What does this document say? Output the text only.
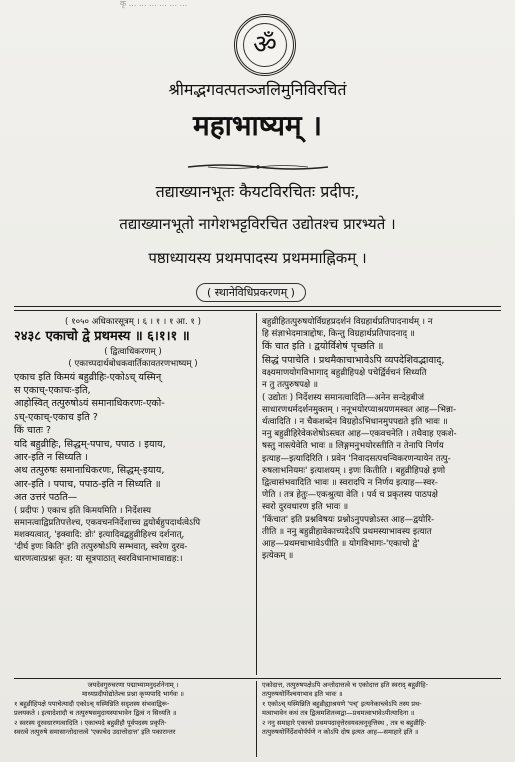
कृ ... ... ... ... ... ...
ॐ
श्रीमद्भगवत्पतञ्जलिमुनिविरचितं
महाभाष्यम् ।
तद्याख्यानभूतः कैयटविरचितः प्रदीपः,
तद्याख्यानभूतो नागेशभट्टविरचित उद्योतश्च प्रारभ्यते ।
पष्ठाध्यायस्य प्रथमपादस्य प्रथममाह्निकम् ।
( स्थानेविधिप्रकरणम् )
( १०५० अधिकारसूत्रम् । ६ । १ । १ आ. १ )
२४३८ एकाचो द्वे प्रथमस्य ॥ ६।१।१ ॥
( द्वित्वाधिकरणम् )
( एकाच्पदार्थबोधकवार्तिकावतरणभाष्यम् )
एकाच इति किमयं बहुव्रीहिः-एकोऽच् यस्मिन्
स एकाच्-एकाचः-इति,
आहोस्वित् तत्पुरुषोऽयं समानाधिकरणः-एको-
ऽच्-एकाच्-एकाच इति ?
किं चातः ?
यदि बहुव्रीहिः, सिद्धम्-पपाच, पपाठ । इयाय,
आर-इति न सिध्यति ।
अथ तत्पुरुषः समानाधिकरणः, सिद्धम्-इयाय,
आर-इति । पपाच, पपाठ-इति न सिध्यति ॥
अत उत्तरं पठति—
( प्रदीपः ) एकाच इति किमयमिति । निर्देशस्य
समानत्वाद्विप्रतिपत्तेश्च, एकवचननिर्देशाच्च द्वयोर्बहुपदार्थत्वेऽपि
मशक्यत्वात्, 'इक्वादि: डोः' इत्यादिवद्बहुव्रीहिश्च दर्शनात्,
'दीर्घ इणः किति' इति तत्पुरुषोऽपि सम्भवात्, स्वरेण दुरव-
धारणत्वात्प्रश्नः कृत: या सूत्रपाठात् स्वरविधानाभावाद्यह:।
बहुव्रीहितत्पुरुषयोर्विग्रहप्रदर्शनं विग्रहार्थप्रतिपादनार्थम् । न
हि संज्ञाभेदमात्राद्दोषः, किन्तु विग्रहार्थप्रतिपादनाद् ॥
किं चात इति । द्वयोर्विशेषं पृच्छति ॥
सिद्धं पपाचेति । प्रथमैकाचाभावेऽपि व्यपदेशिवद्भावाद्,
वक्ष्यमाणयोगविभागाद् बहुव्रीहिपक्षे पचेर्द्विर्वचनं सिध्यति
न तु तत्पुरुषपक्षे ॥
( उद्योतः ) निर्देशस्य समानत्वादिति—अनेन सन्देहबीजं
साधारणधर्मदर्शनमुक्तम् । ननूभयोरप्याश्रयणमस्वत आह—भिन्ना-
र्थत्वादिति । न चैकशब्देन विग्रहोऽभिधानमुपपद्यते इति भावः ॥
ननु बहुव्रीहिरेवेकशेषोऽस्त्वत आह—एकवचनेति । तथैवाह एकशे-
षस्तु नास्त्येवेति भावः ॥ लिङ्गमनुभयोरस्तीति न तेनापि निर्णय
इत्याह—इत्यादिरिति । प्रवेन 'निवादसत्पचन्विकरणन्यायेन तत्पु-
रुषलाभनियमः' इत्याशयम् । इणः कितीति । बहुव्रीहिपक्षे इणो
द्वित्वासंभवादिति भावः ॥ स्वरादपि न निर्णय इत्याह—स्वर-
णेति । तत्र हेतुः—एकश्रुत्या वेति । पर्व च प्रकृतस्य पाठपक्षे
स्वरो दुरवधारण इति भावः ॥
'किंचात' इति प्रश्नविषयः प्रश्नोऽनुपपन्नोऽस्त आह—द्वयोरि-
तीति ॥ ननु बहुव्रीहावेकाच्पदेऽपि प्रथमस्याभावस्य इत्यात
आह—प्रथमचाभावेऽपीति ॥ योगविभागः-'एकाचो द्वे'
इत्येकम् ॥
जयदेवगुरुचरणा पद्माभ्यामनुदर्शनेनाम् ।
माध्यप्रदीपोद्योतेश्च प्रश्ना कृप्यपादि भार्गवः ॥
१ बहुव्रीहिपक्षे पपाचेत्यादौ एकोऽच् यस्मिन्निति सदृशस्य संभवाद्विरू-
प्रलयकते । इत्यादेशादौ च तत्पुरुषसमुदायस्याभावेन द्वित्वं न सिध्यति ॥
२ स्वरस्य दुरवधारणत्वादिति । एकाच्पदे बहुव्रीहौ पूर्वपदस्य प्रकृति-
स्वरत्वे तत्पुरुषे समासान्तोदात्तत्वे 'एकाचेद उदात्तोदात्त' इति पकारान्तर
एकोदात्त, तत्पुरुषपक्षेऽपि अन्तोदात्तत्वे च एकोदात्त इति स्वराद् बहुव्रीहि-
तत्पुरुषयोर्निश्चयाभाव इति भावः ॥
१ एकोऽच् यस्मिन्निति बहुव्रीह्याश्रयणे 'पच्' इत्यनेकाच्त्वेऽपि तस्य प्रथ-
मत्वाभावेन कथं तत्र द्वित्वमशितव्यद्वा—प्रथमत्वाभावेऽपीत्यादिना ॥
२ ननु समाहारे एकाचो प्रथमपदावृत्तेरवयवत्वनुवृत्तिस्थ , तत्र च बहुव्रीहि-
तत्पुरुषयोर्निर्देशयोर्पर्पणे न कोऽपि दोष इत्यत आह—समाहारे इति ॥
